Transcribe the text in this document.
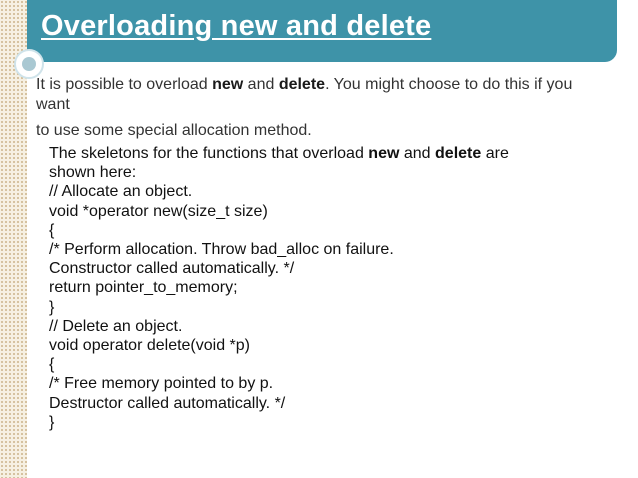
Overloading new and delete

It is possible to overload new and delete. You might choose to do this if you want

to use some special allocation method.

The skeletons for the functions that overload new and delete are
shown here:
// Allocate an object.
void *operator new(size_t size)
{
/* Perform allocation. Throw bad_alloc on failure.
Constructor called automatically. */
return pointer_to_memory;
}
// Delete an object.
void operator delete(void *p)
{
/* Free memory pointed to by p.
Destructor called automatically. */
}
